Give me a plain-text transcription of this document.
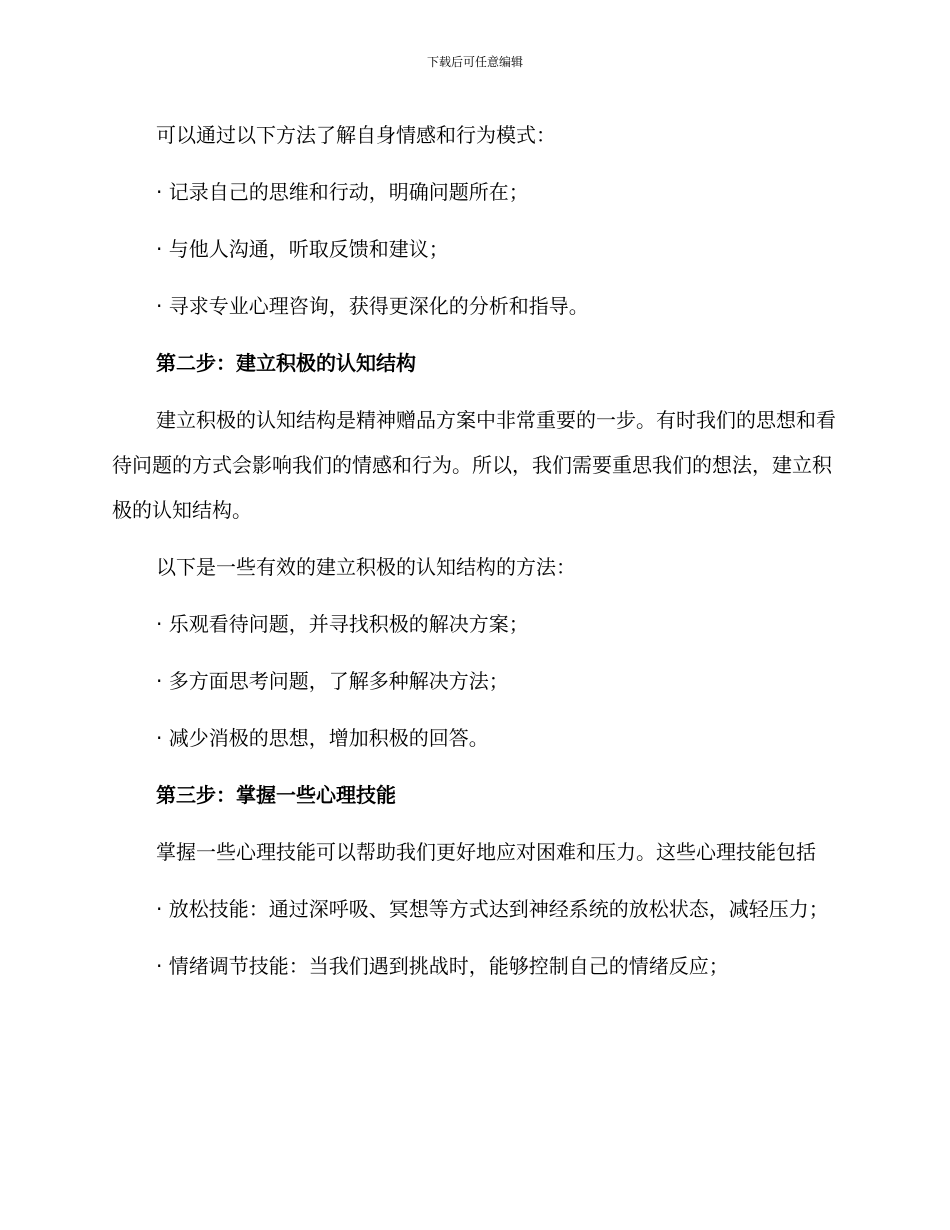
下载后可任意编辑

可以通过以下方法了解自身情感和行为模式：

· 记录自己的思维和行动，明确问题所在；

· 与他人沟通，听取反馈和建议；

· 寻求专业心理咨询，获得更深化的分析和指导。

第二步：建立积极的认知结构

建立积极的认知结构是精神赠品方案中非常重要的一步。有时我们的思想和看待问题的方式会影响我们的情感和行为。所以，我们需要重思我们的想法，建立积极的认知结构。

以下是一些有效的建立积极的认知结构的方法：

· 乐观看待问题，并寻找积极的解决方案；

· 多方面思考问题，了解多种解决方法；

· 减少消极的思想，增加积极的回答。

第三步：掌握一些心理技能

掌握一些心理技能可以帮助我们更好地应对困难和压力。这些心理技能包括

· 放松技能：通过深呼吸、冥想等方式达到神经系统的放松状态，减轻压力；

· 情绪调节技能：当我们遇到挑战时，能够控制自己的情绪反应；
